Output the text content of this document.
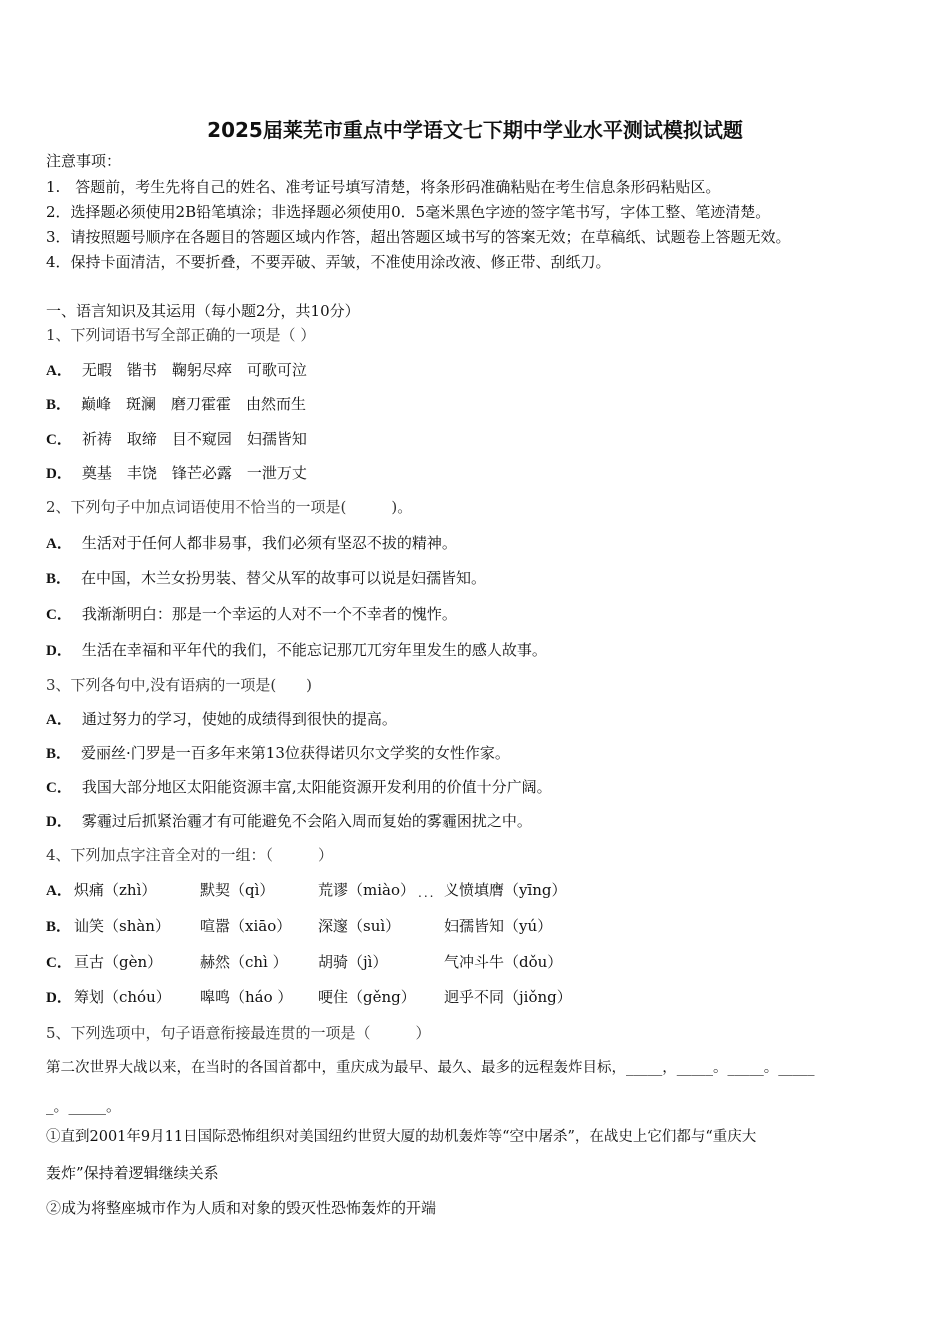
2025届莱芜市重点中学语文七下期中学业水平测试模拟试题
注意事项：
1.　答题前，考生先将自己的姓名、准考证号填写清楚，将条形码准确粘贴在考生信息条形码粘贴区。
2．选择题必须使用2B铅笔填涂；非选择题必须使用0．5毫米黑色字迹的签字笔书写，字体工整、笔迹清楚。
3．请按照题号顺序在各题目的答题区域内作答，超出答题区域书写的答案无效；在草稿纸、试题卷上答题无效。
4．保持卡面清洁，不要折叠，不要弄破、弄皱，不准使用涂改液、修正带、刮纸刀。
一、语言知识及其运用（每小题2分，共10分）
1、下列词语书写全部正确的一项是（ ）
A． 无暇　锴书　鞠躬尽瘁　可歌可泣
B． 巅峰　斑澜　磨刀霍霍　由然而生
C． 祈祷　取缔　目不窥园　妇孺皆知
D． 奠基　丰饶　锋芒必露　一泄万丈
2、下列句子中加点词语使用不恰当的一项是(　　　)。
A． 生活对于任何人都非易事，我们必须有坚忍不拔的精神。
B． 在中国，木兰女扮男装、替父从军的故事可以说是妇孺皆知。
C． 我渐渐明白：那是一个幸运的人对不一个不幸者的愧怍。
D． 生活在幸福和平年代的我们，不能忘记那兀兀穷年里发生的感人故事。
3、下列各句中,没有语病的一项是(　　)
A． 通过努力的学习，使她的成绩得到很快的提高。
B． 爱丽丝·门罗是一百多年来第13位获得诺贝尔文学奖的女性作家。
C． 我国大部分地区太阳能资源丰富,太阳能资源开发利用的价值十分广阔。
D． 雾霾过后抓紧治霾才有可能避免不会陷入周而复始的雾霾困扰之中。
4、下列加点字注音全对的一组：（　　　）
A． 炽痛（zhì）	默契（qì）	荒谬（miào） ... 义愤填膺（yīng）
B． 讪笑（shàn） 喧嚣（xiāo） 深邃（suì）	妇孺皆知（yú）
C． 亘古（gèn）	赫然（chì ） 胡骑（jì）	气冲斗牛（dǒu）
D． 筹划（chóu） 嗥鸣（háo ） 哽住（gěng） 迥乎不同（jiǒng）
5、下列选项中，句子语意衔接最连贯的一项是（　　　）
第二次世界大战以来，在当时的各国首都中，重庆成为最早、最久、最多的远程轰炸目标，_____，_____。_____。_____
_。_____。
①直到2001年9月11日国际恐怖组织对美国纽约世贸大厦的劫机轰炸等“空中屠杀”，在战史上它们都与“重庆大
轰炸”保持着逻辑继续关系
②成为将整座城市作为人质和对象的毁灭性恐怖轰炸的开端
